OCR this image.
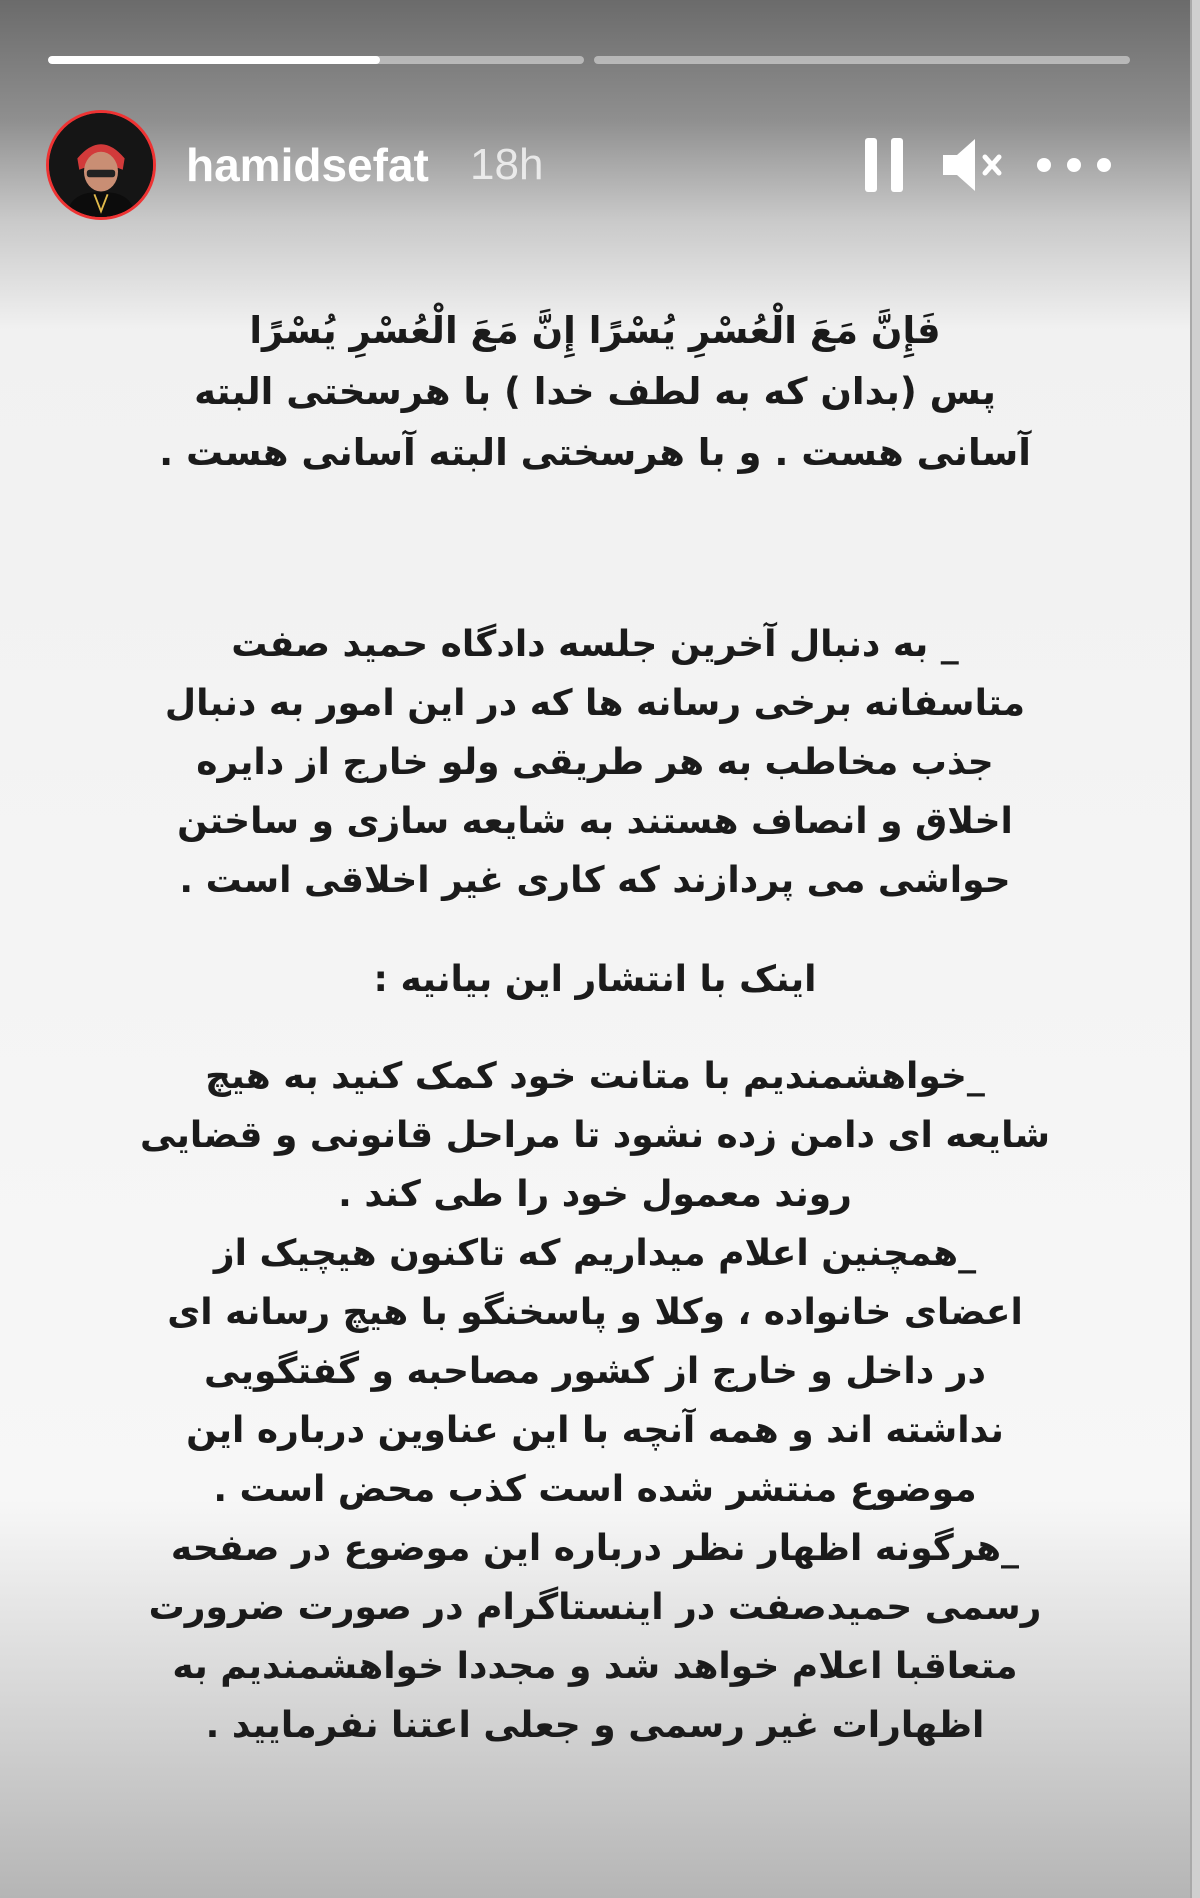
hamidsefat 18h
فَإِنَّ مَعَ الْعُسْرِ يُسْرًا إِنَّ مَعَ الْعُسْرِ يُسْرًا
پس (بدان که به لطف خدا ) با هرسختی البته
آسانی هست . و با هرسختی البته آسانی هست .
_ به دنبال آخرین جلسه دادگاه حمید صفت
متاسفانه برخی رسانه ها که در این امور به دنبال
جذب مخاطب به هر طریقی ولو خارج از دایره
اخلاق و انصاف هستند به شایعه سازی و ساختن
حواشی می پردازند که کاری غیر اخلاقی است .
اینک با انتشار این بیانیه :
_خواهشمندیم با متانت خود کمک کنید به هیچ
شایعه ای دامن زده نشود تا مراحل قانونی و قضایی
روند معمول خود را طی کند .
_همچنین اعلام میداریم که تاکنون هیچیک از
اعضای خانواده ، وکلا و پاسخنگو با هیچ رسانه ای
در داخل و خارج از کشور مصاحبه و گفتگویی
نداشته اند و همه آنچه با این عناوین درباره این
موضوع منتشر شده است کذب محض است .
_هرگونه اظهار نظر درباره این موضوع در صفحه
رسمی حمیدصفت در اینستاگرام در صورت ضرورت
متعاقبا اعلام خواهد شد و مجددا خواهشمندیم به
اظهارات غیر رسمی و جعلی اعتنا نفرمایید .
